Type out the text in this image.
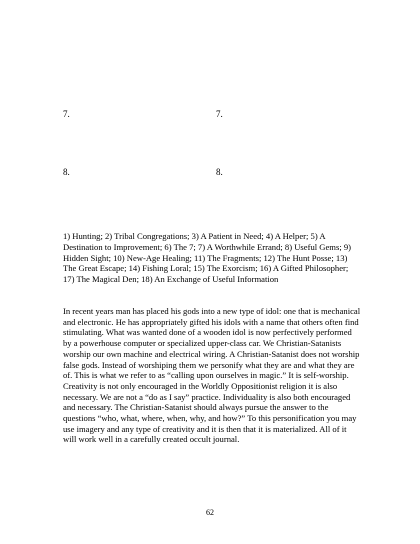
7.	7.
8.	8.

1) Hunting; 2) Tribal Congregations; 3) A Patient in Need; 4) A Helper; 5) A Destination to Improvement; 6) The 7; 7) A Worthwhile Errand; 8) Useful Gems; 9) Hidden Sight; 10) New-Age Healing; 11) The Fragments; 12) The Hunt Posse; 13) The Great Escape; 14) Fishing Loral; 15) The Exorcism; 16) A Gifted Philosopher; 17) The Magical Den; 18) An Exchange of Useful Information

In recent years man has placed his gods into a new type of idol: one that is mechanical and electronic. He has appropriately gifted his idols with a name that others often find stimulating. What was wanted done of a wooden idol is now perfectively performed by a powerhouse computer or specialized upper-class car. We Christian-Satanists worship our own machine and electrical wiring. A Christian-Satanist does not worship false gods. Instead of worshiping them we personify what they are and what they are of. This is what we refer to as “calling upon ourselves in magic.” It is self-worship. Creativity is not only encouraged in the Worldly Oppositionist religion it is also necessary. We are not a “do as I say” practice. Individuality is also both encouraged and necessary. The Christian-Satanist should always pursue the answer to the questions “who, what, where, when, why, and how?” To this personification you may use imagery and any type of creativity and it is then that it is materialized. All of it will work well in a carefully created occult journal.

62
